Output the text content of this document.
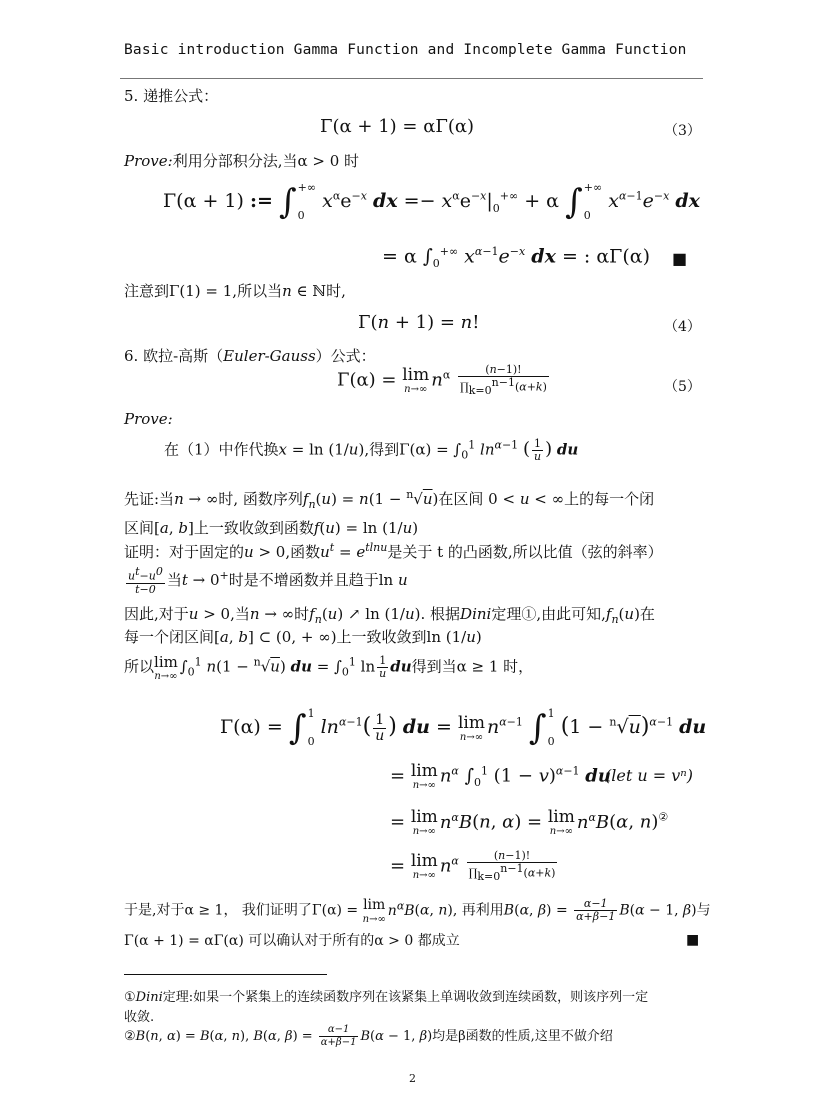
Basic introduction Gamma Function and Incomplete Gamma Function
5. 递推公式：
Γ(α + 1) = αΓ(α)	（3）
Prove:利用分部积分法,当α > 0 时
Γ(α + 1) := ∫ +∞
0
$x^\alpha e^{-x}$ dx =− $x^\alpha e^{-x}|_0^{+\infty} + \alpha$ ∫ +∞
0
$x^{\alpha-1}e^{-x}$ dx
= α $\int_0^{+\infty}$ $x^{\alpha-1}e^{-x}$ dx = : αΓ(α) ■
注意到Γ(1) = 1,所以当n ∈ ℕ时,
Γ(n + 1) = n!	（4）
6. 欧拉-高斯（Euler-Gauss）公式：
Γ(α) = lim
n→∞ $n^\alpha \frac{(n-1)!}{\prod_{k=0}^{n-1}(\alpha+k)}$	（5）
Prove:
在（1）中作代换x = ln (1/u),得到$\Gamma(\alpha) = \int_0^1$ $\ln^{\alpha-1}$ ( $\frac{1}{u}$ ) du
先证:当n → ∞时, 函数序列$f_n(u) = n(1 - ^n√u)$在区间 0 < u < ∞上的每一个闭
区间[a, b]上一致收敛到函数f(u) = ln (1/u)
证明：对于固定的u > 0,函数$u^t = e^{tlnu}$是关于 t 的凸函数,所以比值（弦的斜率）
$\frac{u^t-u^0}{t-0}$ 当t → 0+时是不增函数并且趋于ln u
因此,对于u > 0,当n → ∞时$f_n(u)$ ↗ ln (1/u). 根据Dini定理①,由此可知$,f_n(u)$在
每一个闭区间[a, b] ⊂ (0, + ∞)上一致收敛到ln (1/u)
所以 lim
n→∞
$\int_0^1$ n(1 − $^n$√u) du = $\int_0^1$ $\ln \frac{1}{u}$ du得到当α ≥ 1 时，
Γ(α) = ∫ 1
0
$\ln^{\alpha-1}( \frac{1}{u}$ ) du = lim
n→∞ $n^{\alpha-1}$ ∫ 1
0
$(1 - ^n√u)^{\alpha-1}$ du
= lim
n→∞ $n^\alpha$ $\int_0^1$ $(1 - v)^{\alpha-1}$ du
(let u = vⁿ)
= lim
n→∞ $n^\alpha B(n$, α) = lim
n→∞ $n^\alpha B(\alpha$, n)②
= lim
n→∞ $n^\alpha \frac{(n-1)!}{\prod_{k=0}^{n-1}(\alpha+k)}$
于是,对于α ≥ 1， 我们证明了Γ(α) = lim
n→∞
$n^\alpha B(\alpha$, n), 再利用B(α, $\beta) = \frac{\alpha-1}{\alpha+\beta-1} B(\alpha - 1$, β)与
Γ(α + 1) = αΓ(α) 可以确认对于所有的α > 0 都成立	■
①Dini定理:如果一个紧集上的连续函数序列在该紧集上单调收敛到连续函数，则该序列一定
收敛.
②B(n, α) = B(α, n), B(α, $\beta) = \frac{\alpha-1}{\alpha+\beta-1} B(\alpha - 1$, β)均是β函数的性质,这里不做介绍
2
